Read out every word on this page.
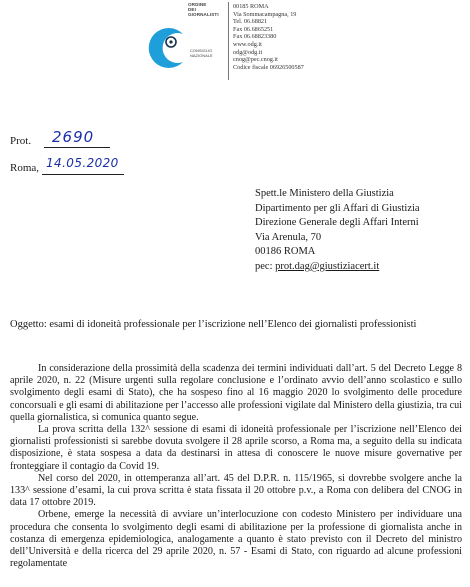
ORDINE
DEI
GIORNALISTI
CONSIGLIO
NAZIONALE
00185 ROMA
Via Sommacampagna, 19
Tel. 06.68821
Fax 06.6865251
Fax 06.68823380
www.odg.it
odg@odg.it
cnog@pec.cnog.it
Codice fiscale 06926500587
Prot. 2690
Roma, 14.05.2020
Spett.le Ministero della Giustizia
Dipartimento per gli Affari di Giustizia
Direzione Generale degli Affari Interni
Via Arenula, 70
00186 ROMA
pec: prot.dag@giustiziacert.it
Oggetto: esami di idoneità professionale per l’iscrizione nell’Elenco dei giornalisti professionisti

In considerazione della prossimità della scadenza dei termini individuati dall’art. 5 del Decreto Legge 8 aprile 2020, n. 22 (Misure urgenti sulla regolare conclusione e l’ordinato avvio dell’anno scolastico e sullo svolgimento degli esami di Stato), che ha sospeso fino al 16 maggio 2020 lo svolgimento delle procedure concorsuali e gli esami di abilitazione per l’accesso alle professioni vigilate dal Ministero della giustizia, tra cui quella giornalistica, si comunica quanto segue.

La prova scritta della 132^ sessione di esami di idoneità professionale per l’iscrizione nell’Elenco dei giornalisti professionisti si sarebbe dovuta svolgere il 28 aprile scorso, a Roma ma, a seguito della su indicata disposizione, è stata sospesa a data da destinarsi in attesa di conoscere le nuove misure governative per fronteggiare il contagio da Covid 19.

Nel corso del 2020, in ottemperanza all’art. 45 del D.P.R. n. 115/1965, si dovrebbe svolgere anche la 133^ sessione d’esami, la cui prova scritta è stata fissata il 20 ottobre p.v., a Roma con delibera del CNOG in data 17 ottobre 2019.

Orbene, emerge la necessità di avviare un’interlocuzione con codesto Ministero per individuare una procedura che consenta lo svolgimento degli esami di abilitazione per la professione di giornalista anche in costanza di emergenza epidemiologica, analogamente a quanto è stato previsto con il Decreto del ministro dell’Università e della ricerca del 29 aprile 2020, n. 57 - Esami di Stato, con riguardo ad alcune professioni regolamentate
